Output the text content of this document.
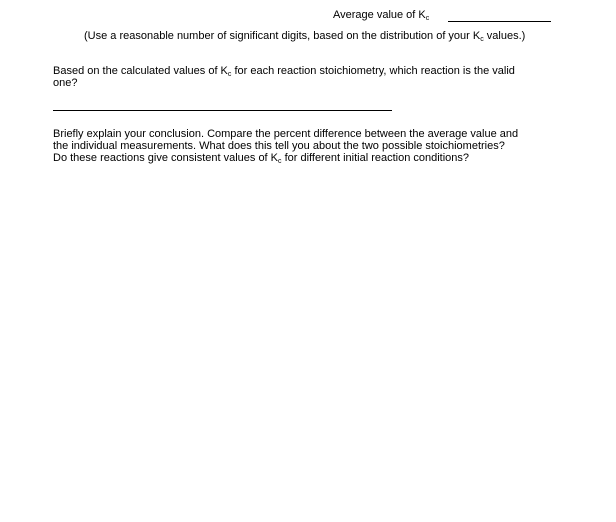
Average value of $K_c$
(Use a reasonable number of significant digits, based on the distribution of your $K_c$ values.)
Based on the calculated values of $K_c$ for each reaction stoichiometry, which reaction is the valid
one?
Briefly explain your conclusion. Compare the percent difference between the average value and
the individual measurements. What does this tell you about the two possible stoichiometries?
Do these reactions give consistent values of $K_c$ for different initial reaction conditions?
